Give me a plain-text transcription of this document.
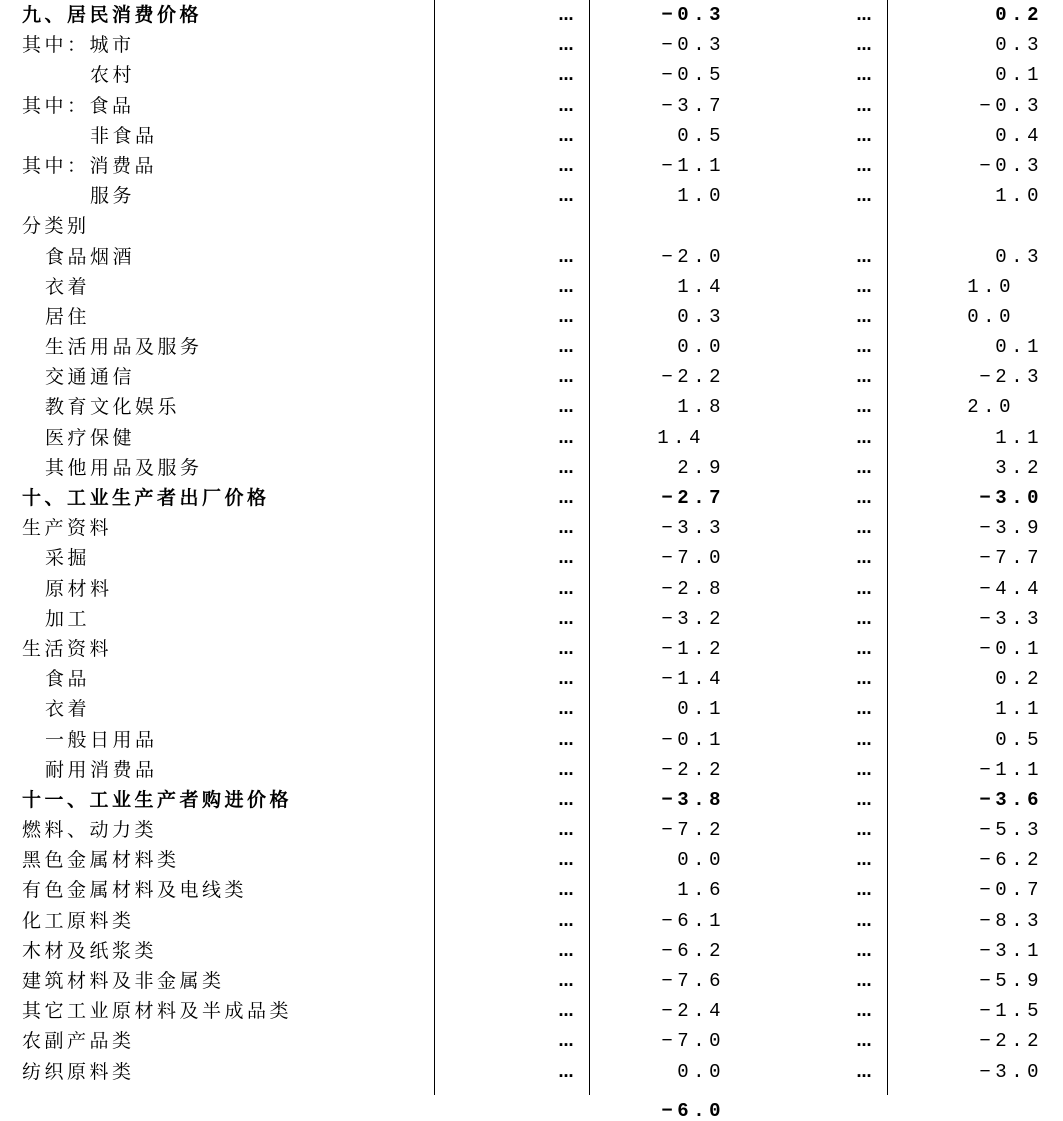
九、居民消费价格	…	−0.3	…	0.2
其中：城市	…	−0.3	…	0.3
农村	…	−0.5	…	0.1
其中：食品	…	−3.7	…	−0.3
非食品	…	0.5	…	0.4
其中：消费品	…	−1.1	…	−0.3
服务	…	1.0	…	1.0
分类别
食品烟酒	…	−2.0	…	0.3
衣着	…	1.4	…	1.0
居住	…	0.3	…	0.0
生活用品及服务	…	0.0	…	0.1
交通通信	…	−2.2	…	−2.3
教育文化娱乐	…	1.8	…	2.0
医疗保健	…	1.4	…	1.1
其他用品及服务	…	2.9	…	3.2
十、工业生产者出厂价格	…	−2.7	…	−3.0
生产资料	…	−3.3	…	−3.9
采掘	…	−7.0	…	−7.7
原材料	…	−2.8	…	−4.4
加工	…	−3.2	…	−3.3
生活资料	…	−1.2	…	−0.1
食品	…	−1.4	…	0.2
衣着	…	0.1	…	1.1
一般日用品	…	−0.1	…	0.5
耐用消费品	…	−2.2	…	−1.1
十一、工业生产者购进价格	…	−3.8	…	−3.6
燃料、动力类	…	−7.2	…	−5.3
黑色金属材料类	…	0.0	…	−6.2
有色金属材料及电线类	…	1.6	…	−0.7
化工原料类	…	−6.1	…	−8.3
木材及纸浆类	…	−6.2	…	−3.1
建筑材料及非金属类	…	−7.6	…	−5.9
其它工业原材料及半成品类	…	−2.4	…	−1.5
农副产品类	…	−7.0	…	−2.2
纺织原料类	…	0.0	…	−3.0
−6.0
